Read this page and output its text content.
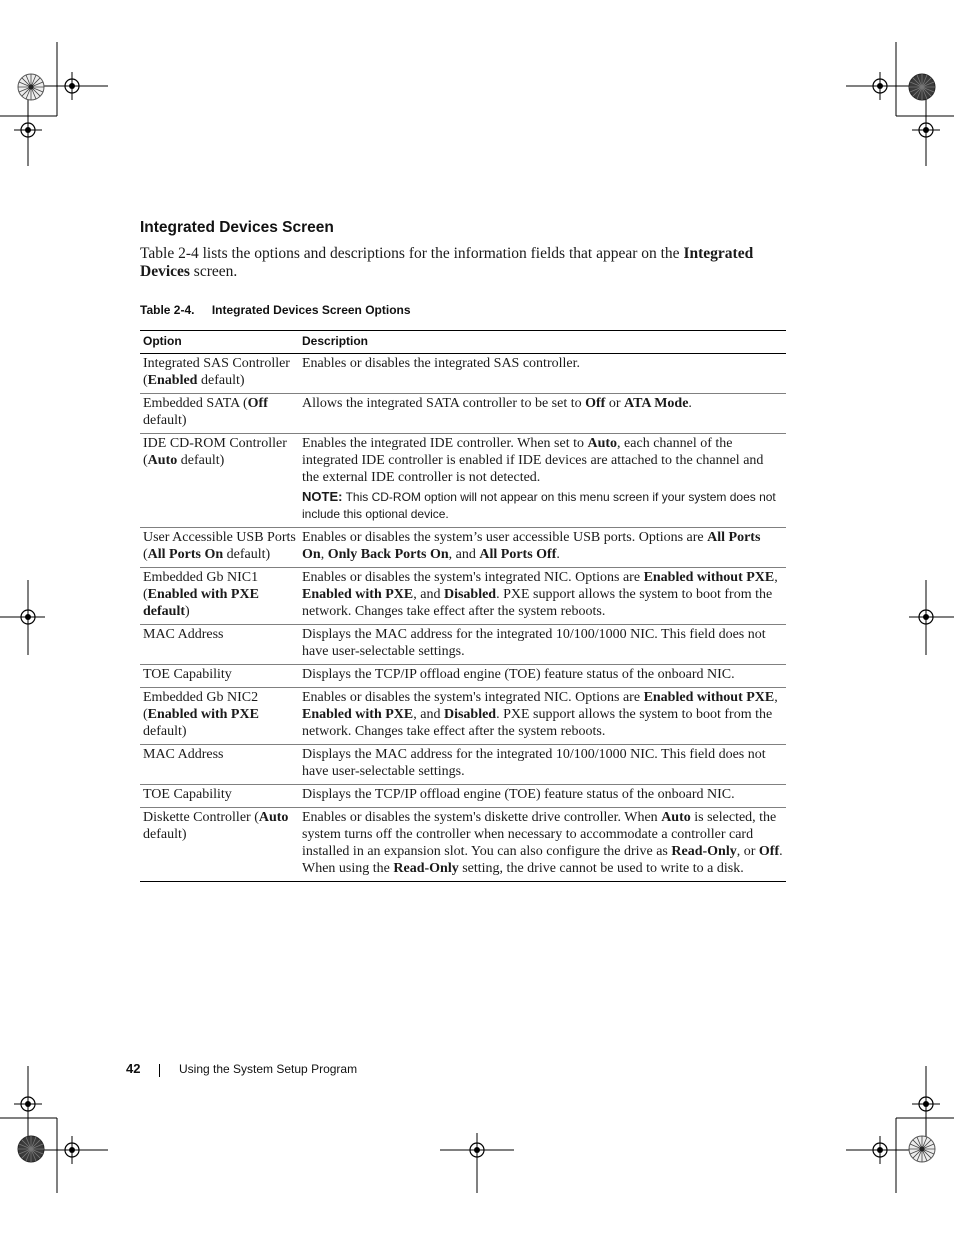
Integrated Devices Screen

Table 2-4 lists the options and descriptions for the information fields that appear on the Integrated Devices screen.

Table 2-4. Integrated Devices Screen Options
Option	Description
Integrated SAS Controller (Enabled default)	Enables or disables the integrated SAS controller.

Embedded SATA (Off default)	Allows the integrated SATA controller to be set to Off or ATA Mode.

IDE CD-ROM Controller (Auto default)	Enables the integrated IDE controller. When set to Auto, each channel of the integrated IDE controller is enabled if IDE devices are attached to the channel and the external IDE controller is not detected.
NOTE: This CD-ROM option will not appear on this menu screen if your system does not include this optional device.

User Accessible USB Ports (All Ports On default)	Enables or disables the system’s user accessible USB ports. Options are All Ports On, Only Back Ports On, and All Ports Off.

Embedded Gb NIC1 (Enabled with PXE default)	Enables or disables the system's integrated NIC. Options are Enabled without PXE, Enabled with PXE, and Disabled. PXE support allows the system to boot from the network. Changes take effect after the system reboots.

MAC Address	Displays the MAC address for the integrated 10/100/1000 NIC. This field does not have user-selectable settings.

TOE Capability	Displays the TCP/IP offload engine (TOE) feature status of the onboard NIC.

Embedded Gb NIC2 (Enabled with PXE default)	Enables or disables the system's integrated NIC. Options are Enabled without PXE, Enabled with PXE, and Disabled. PXE support allows the system to boot from the network. Changes take effect after the system reboots.

MAC Address	Displays the MAC address for the integrated 10/100/1000 NIC. This field does not have user-selectable settings.

TOE Capability	Displays the TCP/IP offload engine (TOE) feature status of the onboard NIC.

Diskette Controller (Auto default)	Enables or disables the system's diskette drive controller. When Auto is selected, the system turns off the controller when necessary to accommodate a controller card installed in an expansion slot. You can also configure the drive as Read-Only, or Off. When using the Read-Only setting, the drive cannot be used to write to a disk.
42	Using the System Setup Program
